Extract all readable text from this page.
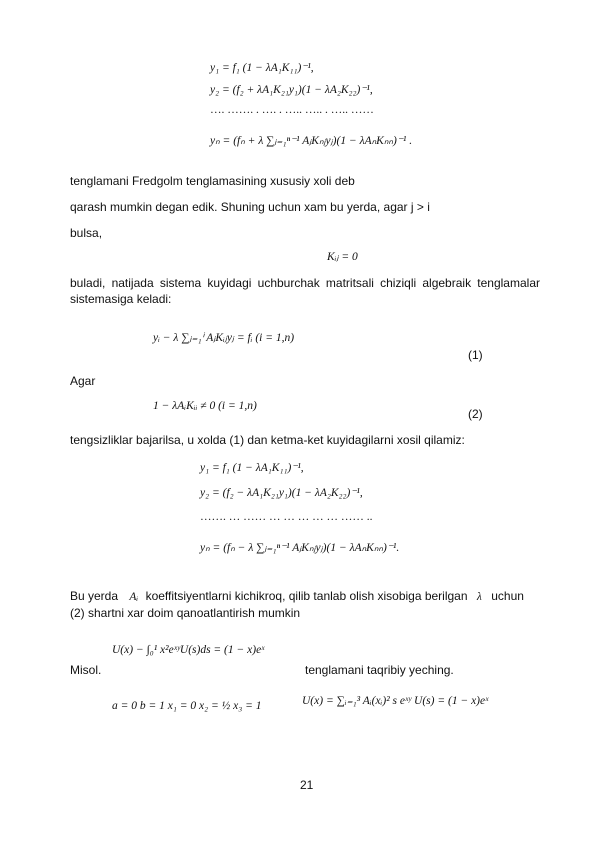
y₁ = f₁ (1 − λA₁K₁₁)⁻¹,
y₂ = (f₂ + λA₁K₂₁y₁)(1 − λA₂K₂₂)⁻¹,
…. ……. . …. . ….. ….. . ….. ……
yₙ = (fₙ + λ ∑ⱼ₌₁ⁿ⁻¹ AⱼKₙⱼyⱼ)(1 − λAₙKₙₙ)⁻¹ .
tenglamani Fredgolm tenglamasining xususiy xoli deb
qarash mumkin degan edik. Shuning uchun xam bu yerda, agar j > i
bulsa,
Kᵢⱼ = 0
buladi, natijada sistema kuyidagi uchburchak matritsali chiziqli algebraik tenglamalar sistemasiga keladi:
yᵢ − λ ∑ⱼ₌₁ⁱ AⱼKᵢⱼyⱼ = fᵢ (i = 1,n)
(1)
Agar
1 − λAᵢKᵢᵢ ≠ 0 (i = 1,n)
(2)
tengsizliklar bajarilsa, u xolda (1) dan ketma-ket kuyidagilarni xosil qilamiz:
y₁ = f₁ (1 − λA₁K₁₁)⁻¹,
y₂ = (f₂ − λA₁K₂₁y₁)(1 − λA₂K₂₂)⁻¹,
……. … …… … … … … … …… ..
yₙ = (fₙ − λ ∑ⱼ₌₁ⁿ⁻¹ AⱼKₙⱼyⱼ)(1 − λAₙKₙₙ)⁻¹.
Bu yerda Aᵢ koeffitsiyentlarni kichikroq, qilib tanlab olish xisobiga berilgan λ uchun
(2) shartni xar doim qanoatlantirish mumkin
U(x) − ∫₀¹ x²eˣʸU(s)ds = (1 − x)eˣ
Misol.	tenglamani taqribiy yeching.
a = 0 b = 1 x₁ = 0 x₂ = ½ x₃ = 1	U(x) = ∑ᵢ₌₁³ Aᵢ(xᵢ)² s eˣʸ U(s) = (1 − x)eˣ
21
